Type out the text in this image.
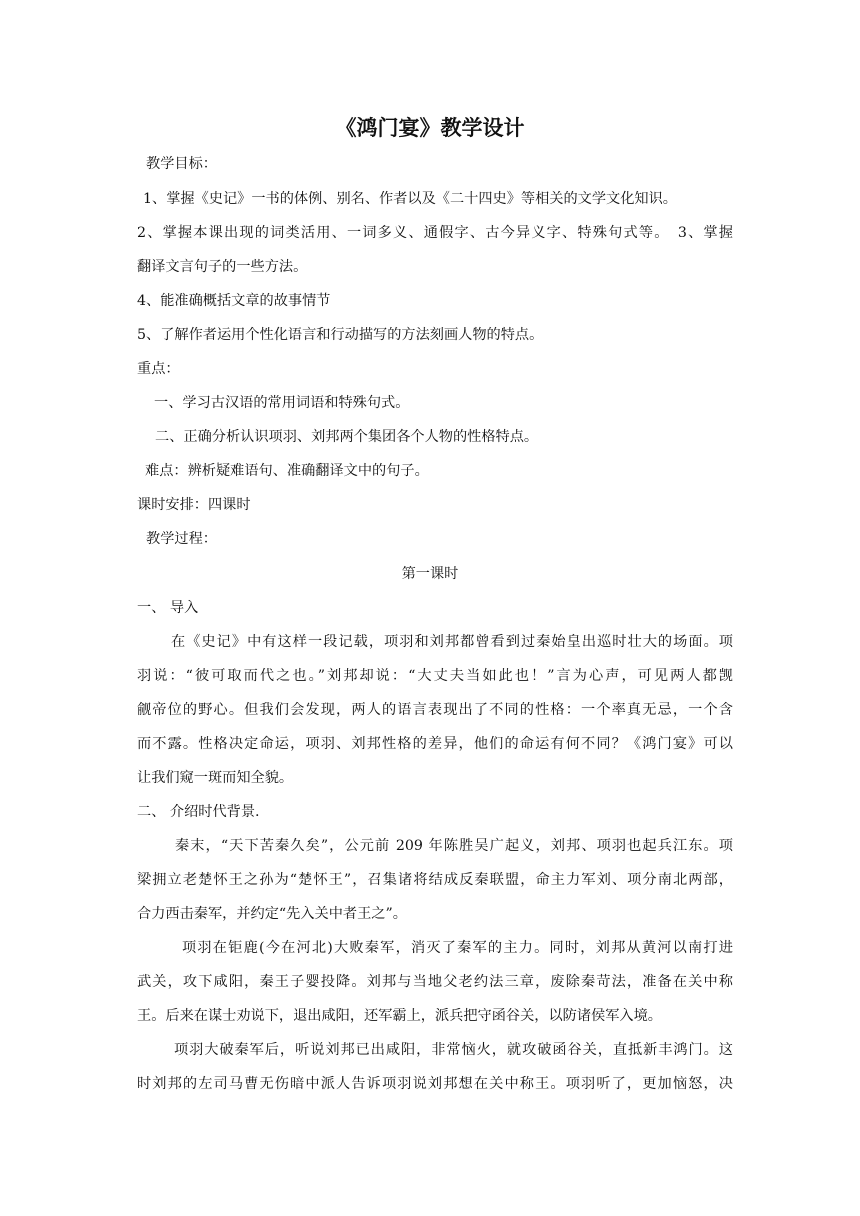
《鸿门宴》教学设计

教学目标：

1、掌握《史记》一书的体例、别名、作者以及《二十四史》等相关的文学文化知识。

2、掌握本课出现的词类活用、一词多义、通假字、古今异义字、特殊句式等。　3、掌握

翻译文言句子的一些方法。

4、能准确概括文章的故事情节

5、了解作者运用个性化语言和行动描写的方法刻画人物的特点。

重点：

一、学习古汉语的常用词语和特殊句式。

二、正确分析认识项羽、刘邦两个集团各个人物的性格特点。

难点：辨析疑难语句、准确翻译文中的句子。

课时安排：四课时

教学过程：

第一课时

一、 导入

在《史记》中有这样一段记载，项羽和刘邦都曾看到过秦始皇出巡时壮大的场面。项

羽说：“彼可取而代之也。”刘邦却说：“大丈夫当如此也！”言为心声，可见两人都觊

觎帝位的野心。但我们会发现，两人的语言表现出了不同的性格：一个率真无忌，一个含

而不露。性格决定命运，项羽、刘邦性格的差异，他们的命运有何不同？《鸿门宴》可以

让我们窥一斑而知全貌。

二、 介绍时代背景.

秦末，“天下苦秦久矣”，公元前 209 年陈胜吴广起义，刘邦、项羽也起兵江东。项

梁拥立老楚怀王之孙为“楚怀王”，召集诸将结成反秦联盟，命主力军刘、项分南北两部，

合力西击秦军，并约定“先入关中者王之”。

项羽在钜鹿(今在河北)大败秦军，消灭了秦军的主力。同时，刘邦从黄河以南打进

武关，攻下咸阳，秦王子婴投降。刘邦与当地父老约法三章，废除秦苛法，准备在关中称

王。后来在谋士劝说下，退出咸阳，还军霸上，派兵把守函谷关，以防诸侯军入境。

项羽大破秦军后，听说刘邦已出咸阳，非常恼火，就攻破函谷关，直抵新丰鸿门。这

时刘邦的左司马曹无伤暗中派人告诉项羽说刘邦想在关中称王。项羽听了，更加恼怒，决
